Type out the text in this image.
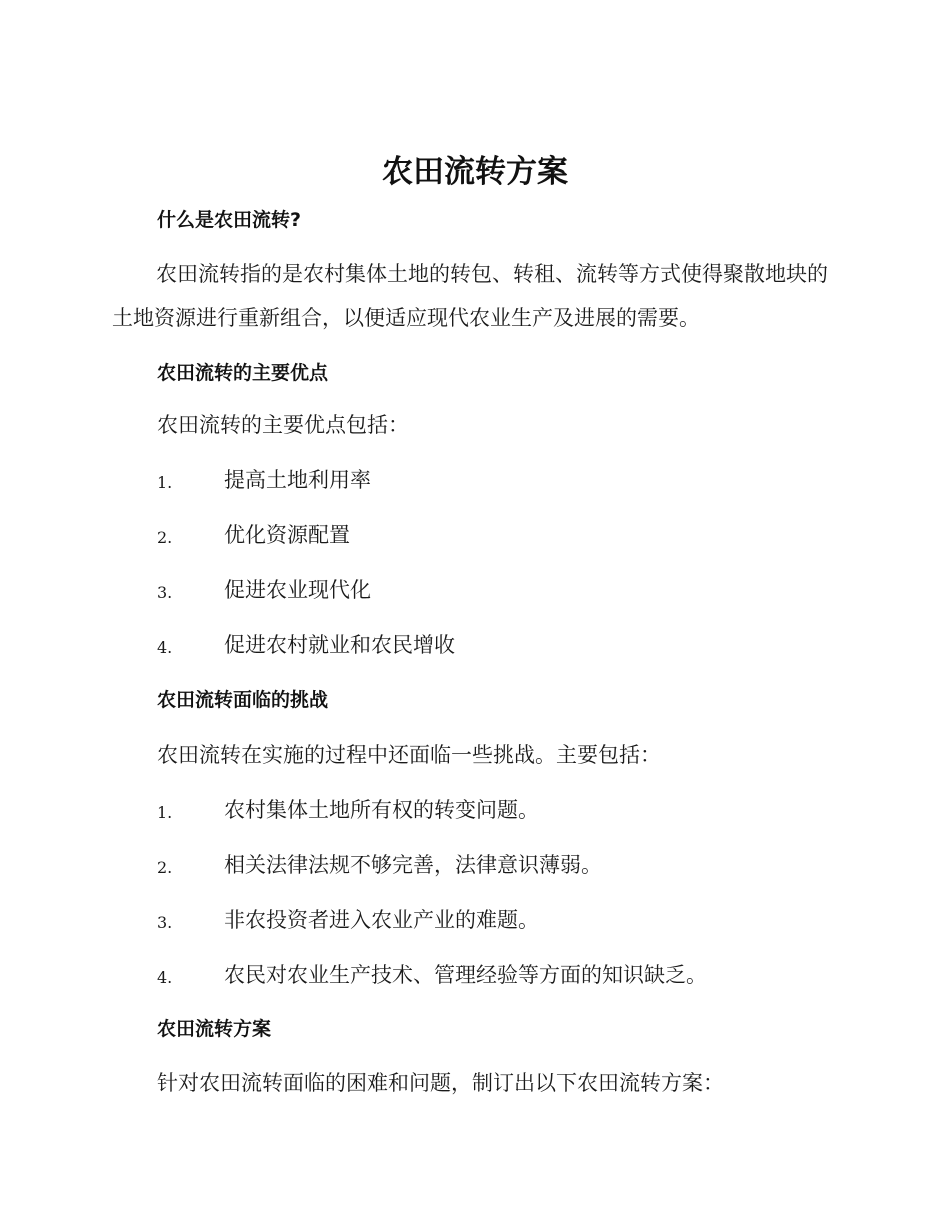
农田流转方案
什么是农田流转?

农田流转指的是农村集体土地的转包、转租、流转等方式使得聚散地块的土地资源进行重新组合，以便适应现代农业生产及进展的需要。

农田流转的主要优点

农田流转的主要优点包括：

1. 提高土地利用率
2. 优化资源配置
3. 促进农业现代化
4. 促进农村就业和农民增收
农田流转面临的挑战

农田流转在实施的过程中还面临一些挑战。主要包括：

1. 农村集体土地所有权的转变问题。
2. 相关法律法规不够完善，法律意识薄弱。
3. 非农投资者进入农业产业的难题。
4. 农民对农业生产技术、管理经验等方面的知识缺乏。
农田流转方案

针对农田流转面临的困难和问题，制订出以下农田流转方案：
